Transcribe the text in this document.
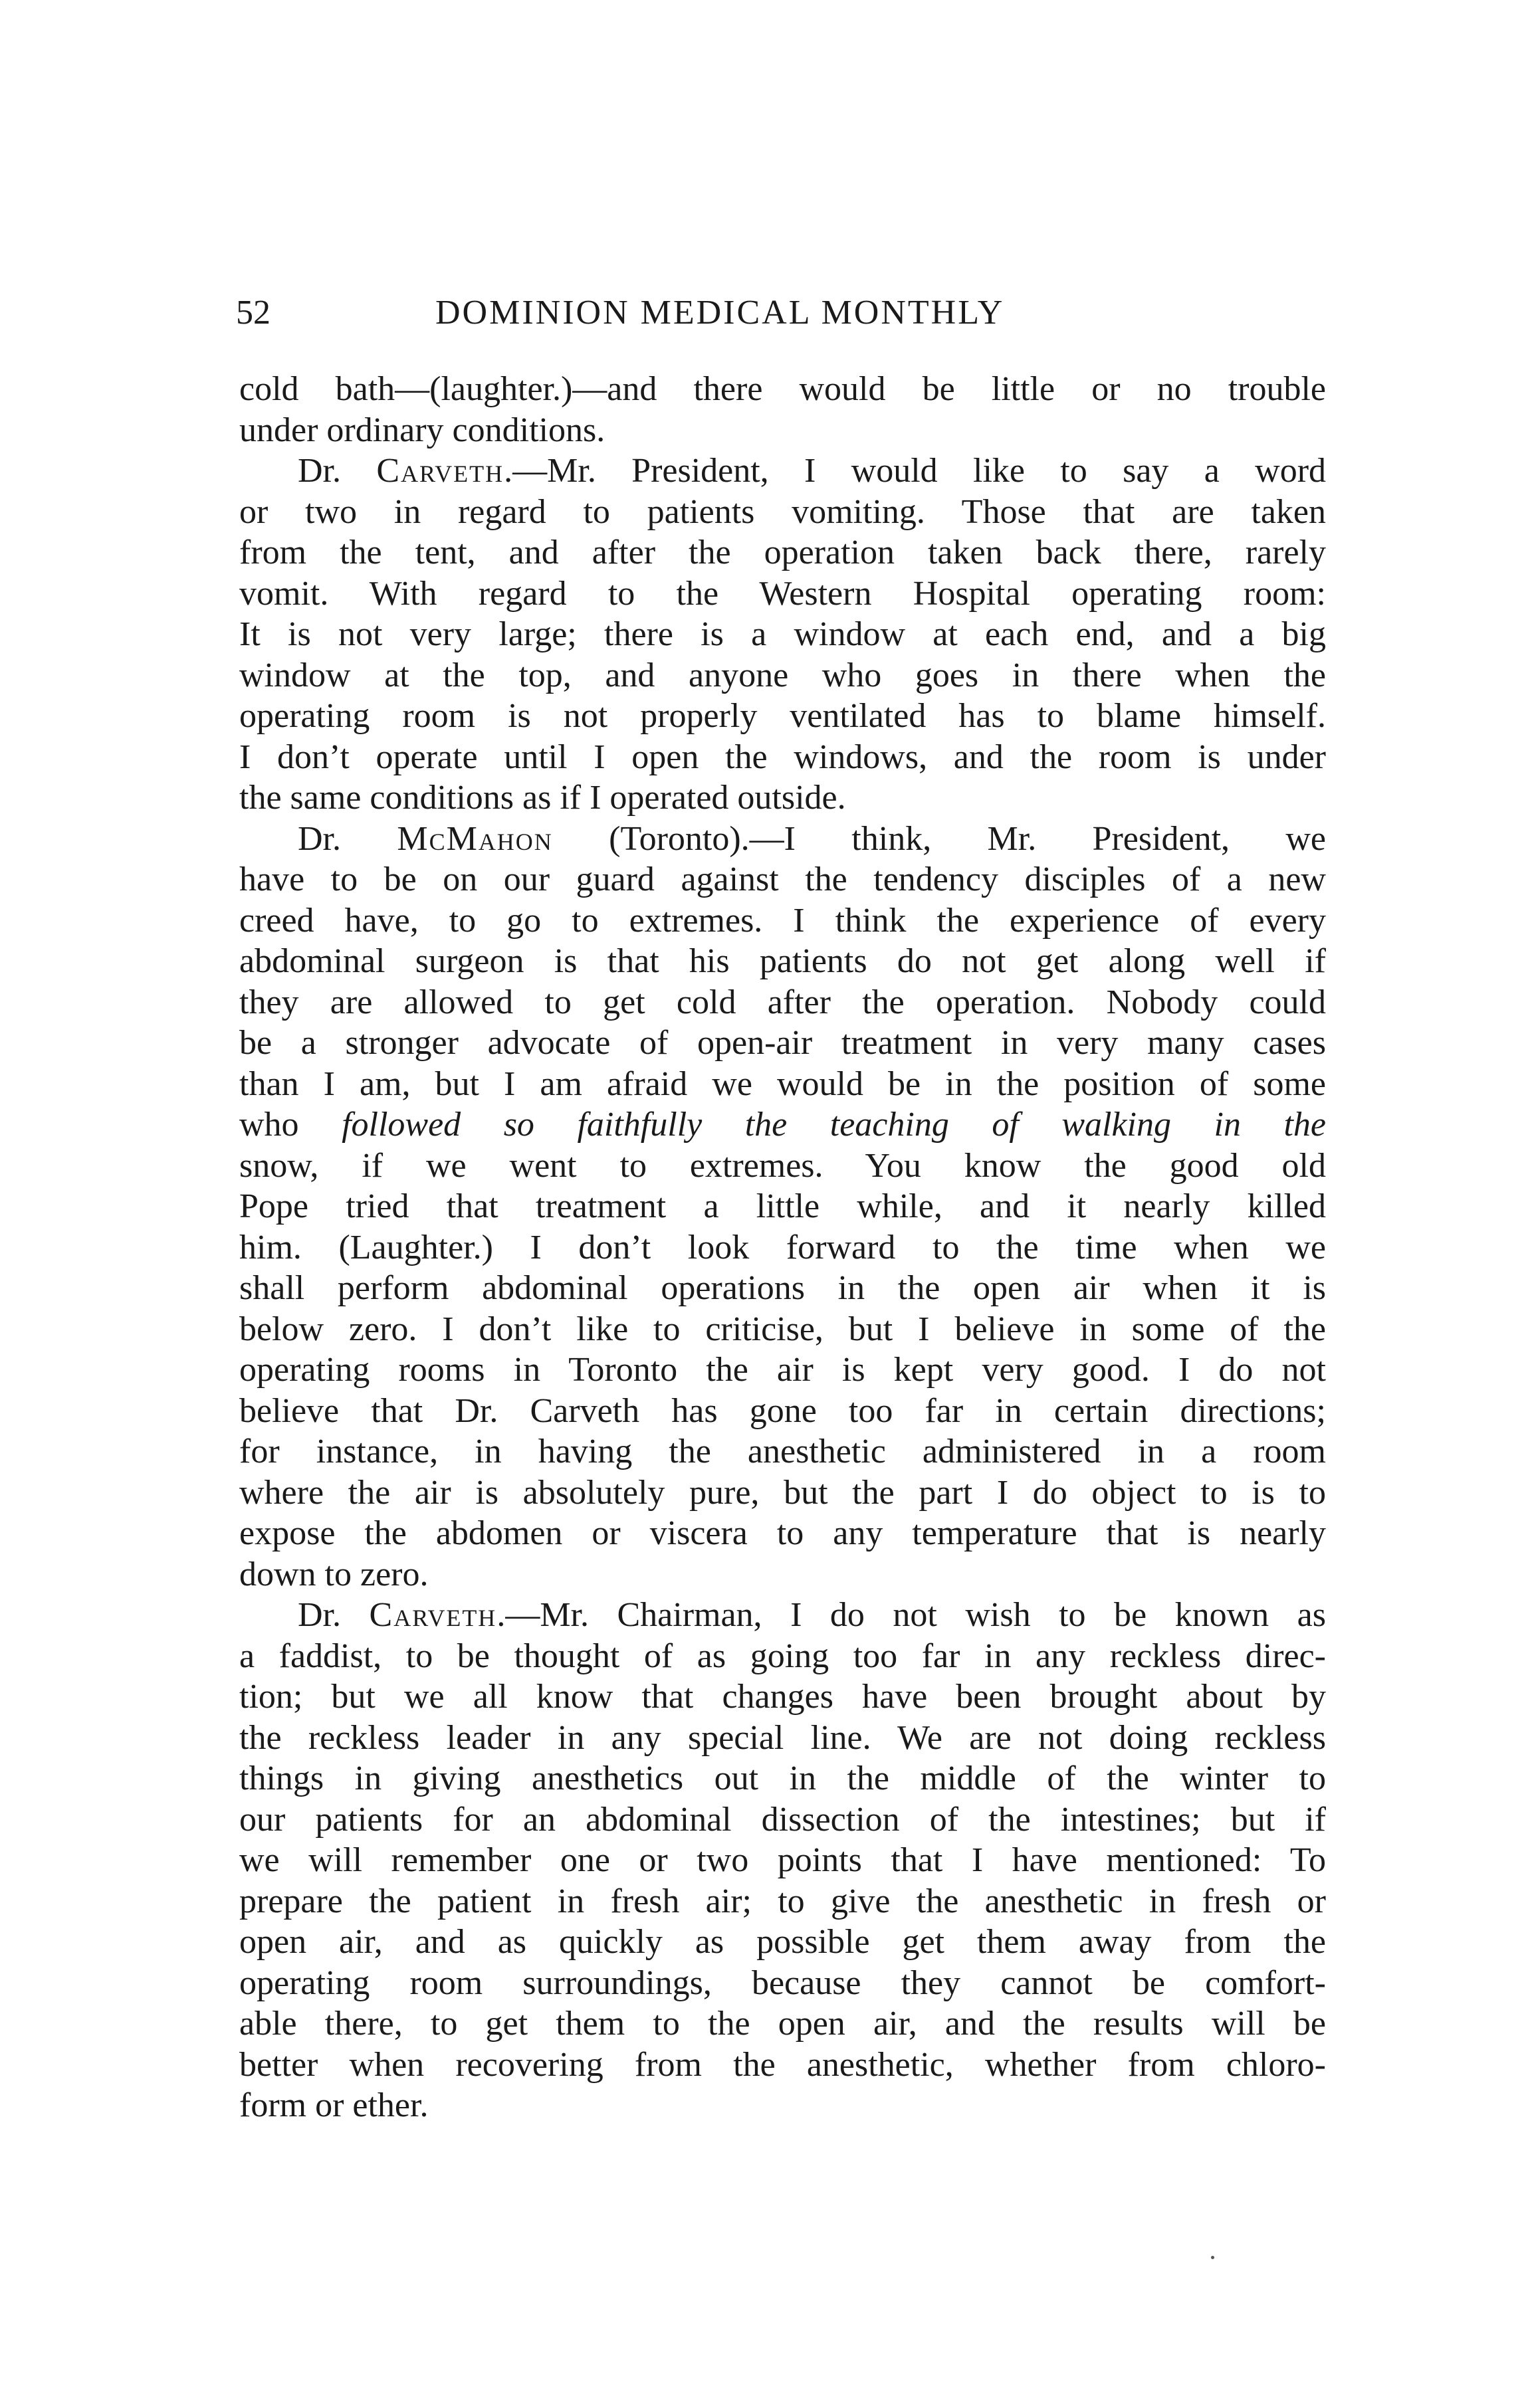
52	DOMINION MEDICAL MONTHLY
cold bath—(laughter.)—and there would be little or no trouble
under ordinary conditions.
Dr. Carveth.—Mr. President, I would like to say a word
or two in regard to patients vomiting. Those that are taken
from the tent, and after the operation taken back there, rarely
vomit. With regard to the Western Hospital operating room:
It is not very large; there is a window at each end, and a big
window at the top, and anyone who goes in there when the
operating room is not properly ventilated has to blame himself.
I don’t operate until I open the windows, and the room is under
the same conditions as if I operated outside.
Dr. McMahon (Toronto).—I think, Mr. President, we
have to be on our guard against the tendency disciples of a new
creed have, to go to extremes. I think the experience of every
abdominal surgeon is that his patients do not get along well if
they are allowed to get cold after the operation. Nobody could
be a stronger advocate of open-air treatment in very many cases
than I am, but I am afraid we would be in the position of some
who followed so faithfully the teaching of walking in the
snow, if we went to extremes. You know the good old
Pope tried that treatment a little while, and it nearly killed
him. (Laughter.) I don’t look forward to the time when we
shall perform abdominal operations in the open air when it is
below zero. I don’t like to criticise, but I believe in some of the
operating rooms in Toronto the air is kept very good. I do not
believe that Dr. Carveth has gone too far in certain directions;
for instance, in having the anesthetic administered in a room
where the air is absolutely pure, but the part I do object to is to
expose the abdomen or viscera to any temperature that is nearly
down to zero.
Dr. Carveth.—Mr. Chairman, I do not wish to be known as
a faddist, to be thought of as going too far in any reckless direc-
tion; but we all know that changes have been brought about by
the reckless leader in any special line. We are not doing reckless
things in giving anesthetics out in the middle of the winter to
our patients for an abdominal dissection of the intestines; but if
we will remember one or two points that I have mentioned: To
prepare the patient in fresh air; to give the anesthetic in fresh or
open air, and as quickly as possible get them away from the
operating room surroundings, because they cannot be comfort-
able there, to get them to the open air, and the results will be
better when recovering from the anesthetic, whether from chloro-
form or ether.
